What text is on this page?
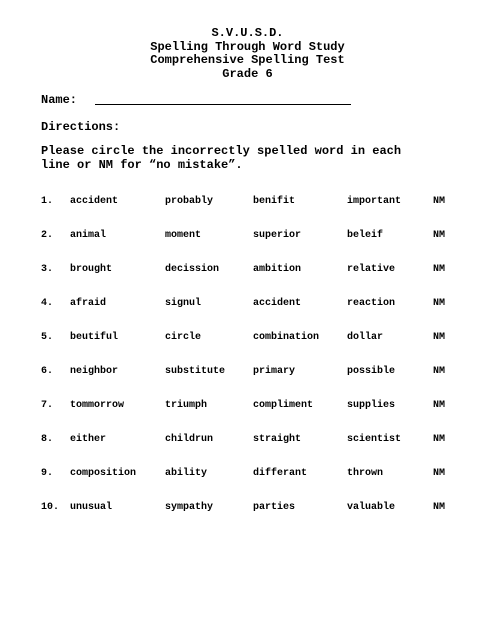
S.V.U.S.D.
Spelling Through Word Study
Comprehensive Spelling Test
Grade 6
Name:
Directions:
Please circle the incorrectly spelled word in each
line or NM for “no mistake”.
1. accident	probably	benifit	important	NM
2. animal	moment	superior	beleif	NM
3. brought	decission	ambition	relative	NM
4. afraid	signul	accident	reaction	NM
5. beutiful	circle	combination	dollar	NM
6. neighbor	substitute	primary	possible	NM
7. tommorrow	triumph	compliment	supplies	NM
8. either	childrun	straight	scientist	NM
9. composition	ability	differant	thrown	NM
10. unusual	sympathy	parties	valuable	NM
